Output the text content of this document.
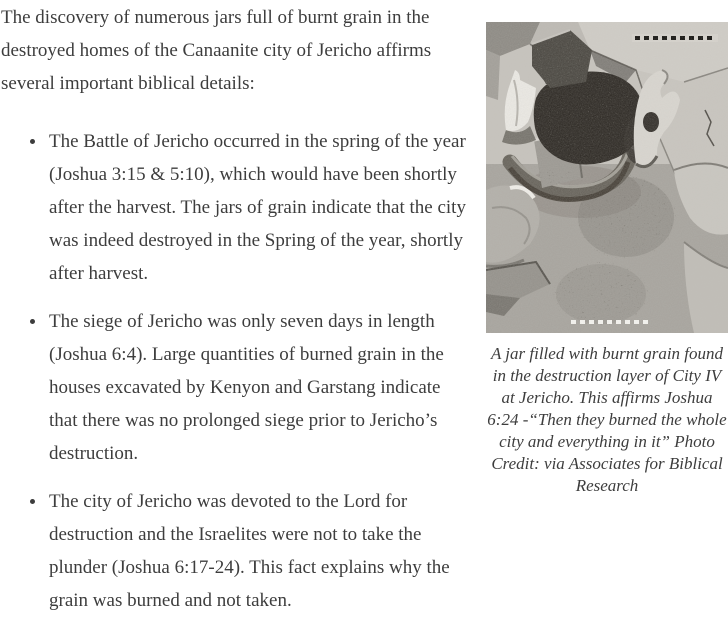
The discovery of numerous jars full of burnt grain in the destroyed homes of the Canaanite city of Jericho affirms several important biblical details:

• The Battle of Jericho occurred in the spring of the year (Joshua 3:15 & 5:10), which would have been shortly after the harvest. The jars of grain indicate that the city was indeed destroyed in the Spring of the year, shortly after harvest.
• The siege of Jericho was only seven days in length (Joshua 6:4). Large quantities of burned grain in the houses excavated by Kenyon and Garstang indicate that there was no prolonged siege prior to Jericho’s destruction.
• The city of Jericho was devoted to the Lord for destruction and the Israelites were not to take the plunder (Joshua 6:17-24). This fact explains why the grain was burned and not taken.
A jar filled with burnt grain found in the destruction layer of City IV at Jericho. This affirms Joshua 6:24 -“Then they burned the whole city and everything in it” Photo Credit: via Associates for Biblical Research
